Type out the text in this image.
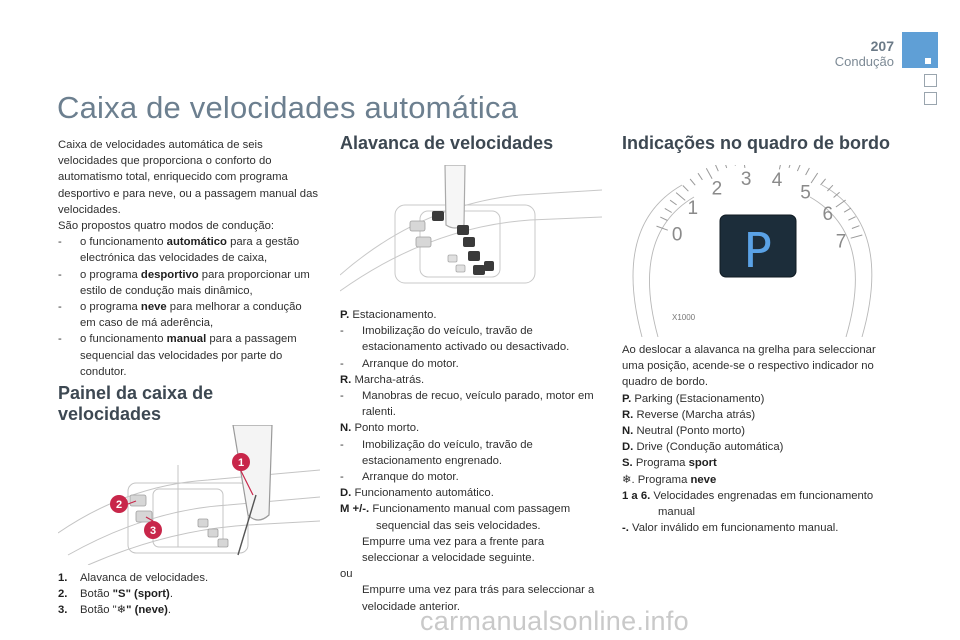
207
Condução
Caixa de velocidades automática

Caixa de velocidades automática de seis velocidades que proporciona o conforto do automatismo total, enriquecido com programa desportivo e para neve, ou a passagem manual das velocidades.

São propostos quatro modos de condução:

-	o funcionamento automático para a gestão electrónica das velocidades de caixa,
-	o programa desportivo para proporcionar um estilo de condução mais dinâmico,
-	o programa neve para melhorar a condução em caso de má aderência,
-	o funcionamento manual para a passagem sequencial das velocidades por parte do condutor.
Painel da caixa de velocidades
1
2
3
1.	Alavanca de velocidades.
2.	Botão "S" (sport).
3.	Botão "❄" (neve).
Alavanca de velocidades

P. Estacionamento.

-	Imobilização do veículo, travão de estacionamento activado ou desactivado.
-	Arranque do motor.

R. Marcha-atrás.

-	Manobras de recuo, veículo parado, motor em ralenti.

N. Ponto morto.

-	Imobilização do veículo, travão de estacionamento engrenado.
-	Arranque do motor.

D. Funcionamento automático.

M +/-. Funcionamento manual com passagem sequencial das seis velocidades.
Empurre uma vez para a frente para seleccionar a velocidade seguinte.

ou

Empurre uma vez para trás para seleccionar a velocidade anterior.
Indicações no quadro de bordo
0
1
2 3 4
5
6
7
P
X1000

Ao deslocar a alavanca na grelha para seleccionar uma posição, acende-se o respectivo indicador no quadro de bordo.

P. Parking (Estacionamento)
R. Reverse (Marcha atrás)
N. Neutral (Ponto morto)
D. Drive (Condução automática)
S. Programa sport
❄. Programa neve
1 a 6. Velocidades engrenadas em funcionamento manual
-. Valor inválido em funcionamento manual.
carmanualsonline.info
